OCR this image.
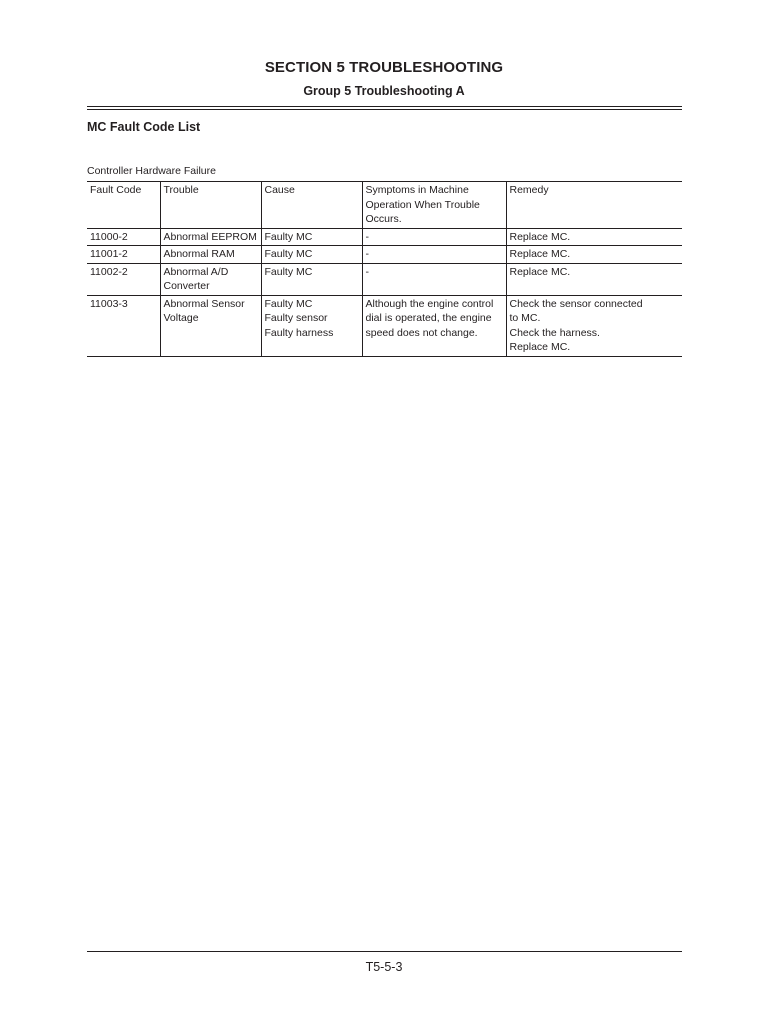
SECTION 5 TROUBLESHOOTING
Group 5 Troubleshooting A
MC Fault Code List
Controller Hardware Failure
Fault Code	Trouble	Cause	Symptoms in Machine
Operation When Trouble
Occurs.	Remedy

11000-2	Abnormal EEPROM	Faulty MC	-	Replace MC.

11001-2	Abnormal RAM	Faulty MC	-	Replace MC.

11002-2	Abnormal A/D
Converter	Faulty MC	-	Replace MC.

11003-3	Abnormal Sensor
Voltage	Faulty MC
Faulty sensor
Faulty harness	Although the engine control
dial is operated, the engine
speed does not change.	Check the sensor connected
to MC.
Check the harness.
Replace MC.
T5-5-3
